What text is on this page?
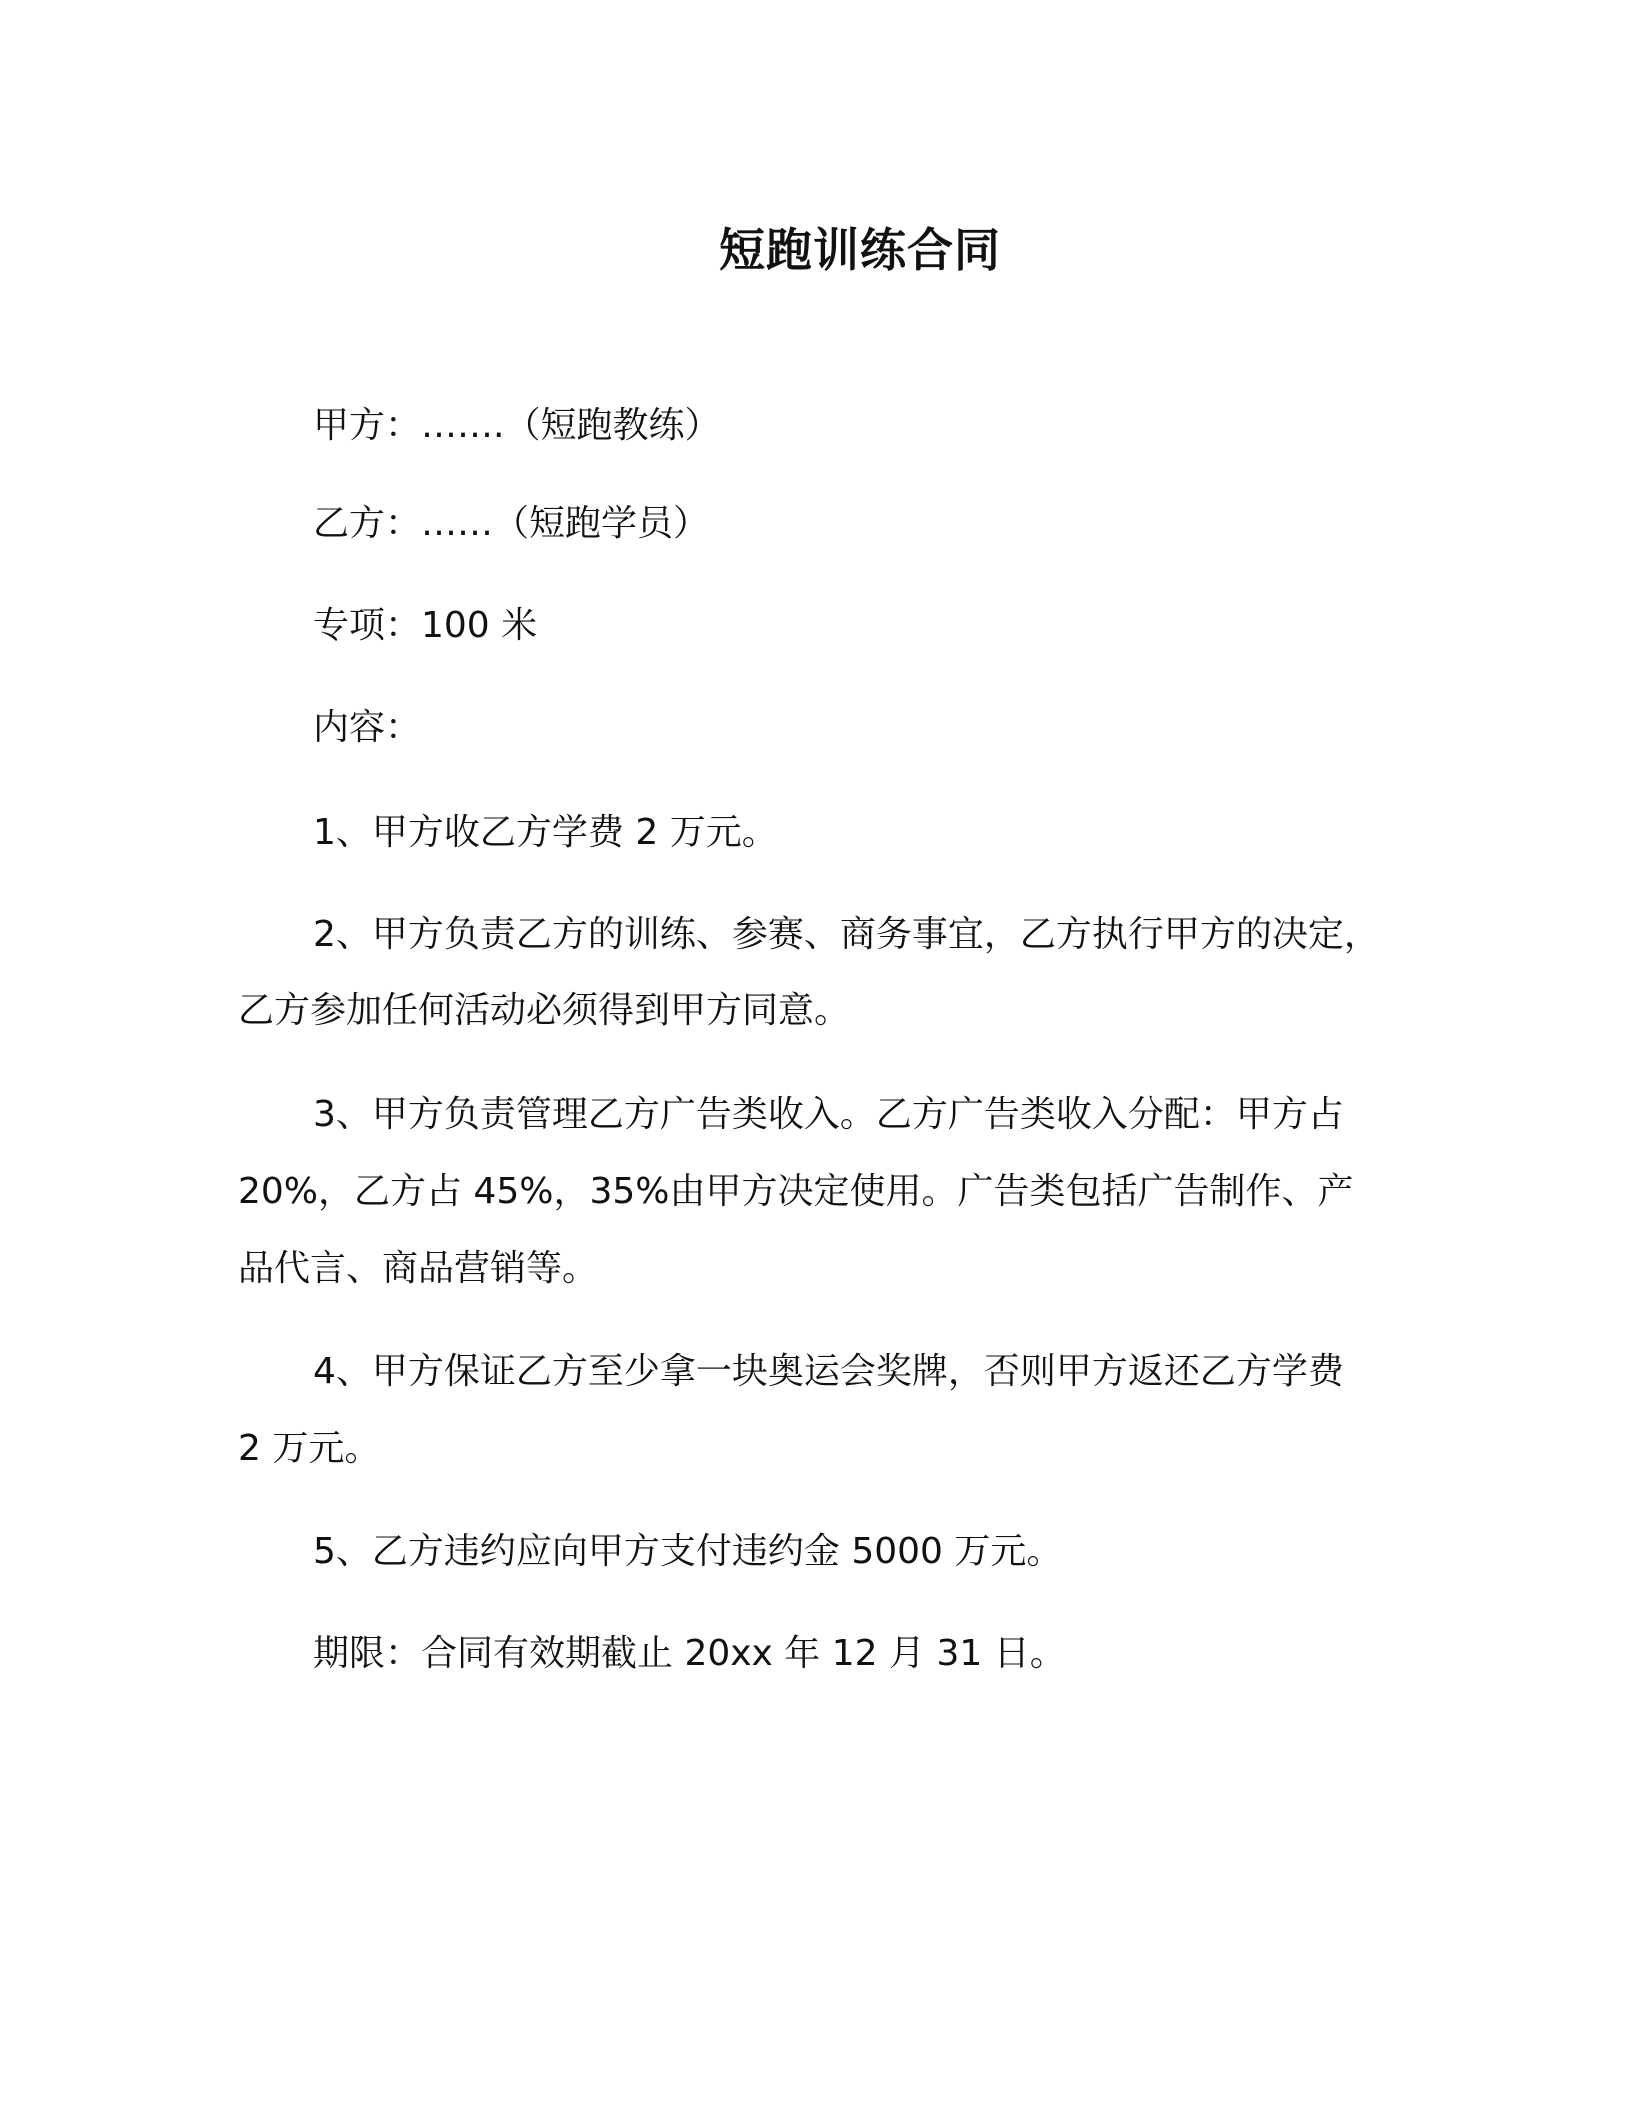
短跑训练合同
甲方：…….（短跑教练）
乙方：……（短跑学员）
专项：100 米
内容：
1、甲方收乙方学费 2 万元。
2、甲方负责乙方的训练、参赛、商务事宜，乙方执行甲方的决定，
乙方参加任何活动必须得到甲方同意。
3、甲方负责管理乙方广告类收入。乙方广告类收入分配：甲方占
20%，乙方占 45%，35%由甲方决定使用。广告类包括广告制作、产
品代言、商品营销等。
4、甲方保证乙方至少拿一块奥运会奖牌，否则甲方返还乙方学费
2 万元。
5、乙方违约应向甲方支付违约金 5000 万元。
期限：合同有效期截止 20xx 年 12 月 31 日。
